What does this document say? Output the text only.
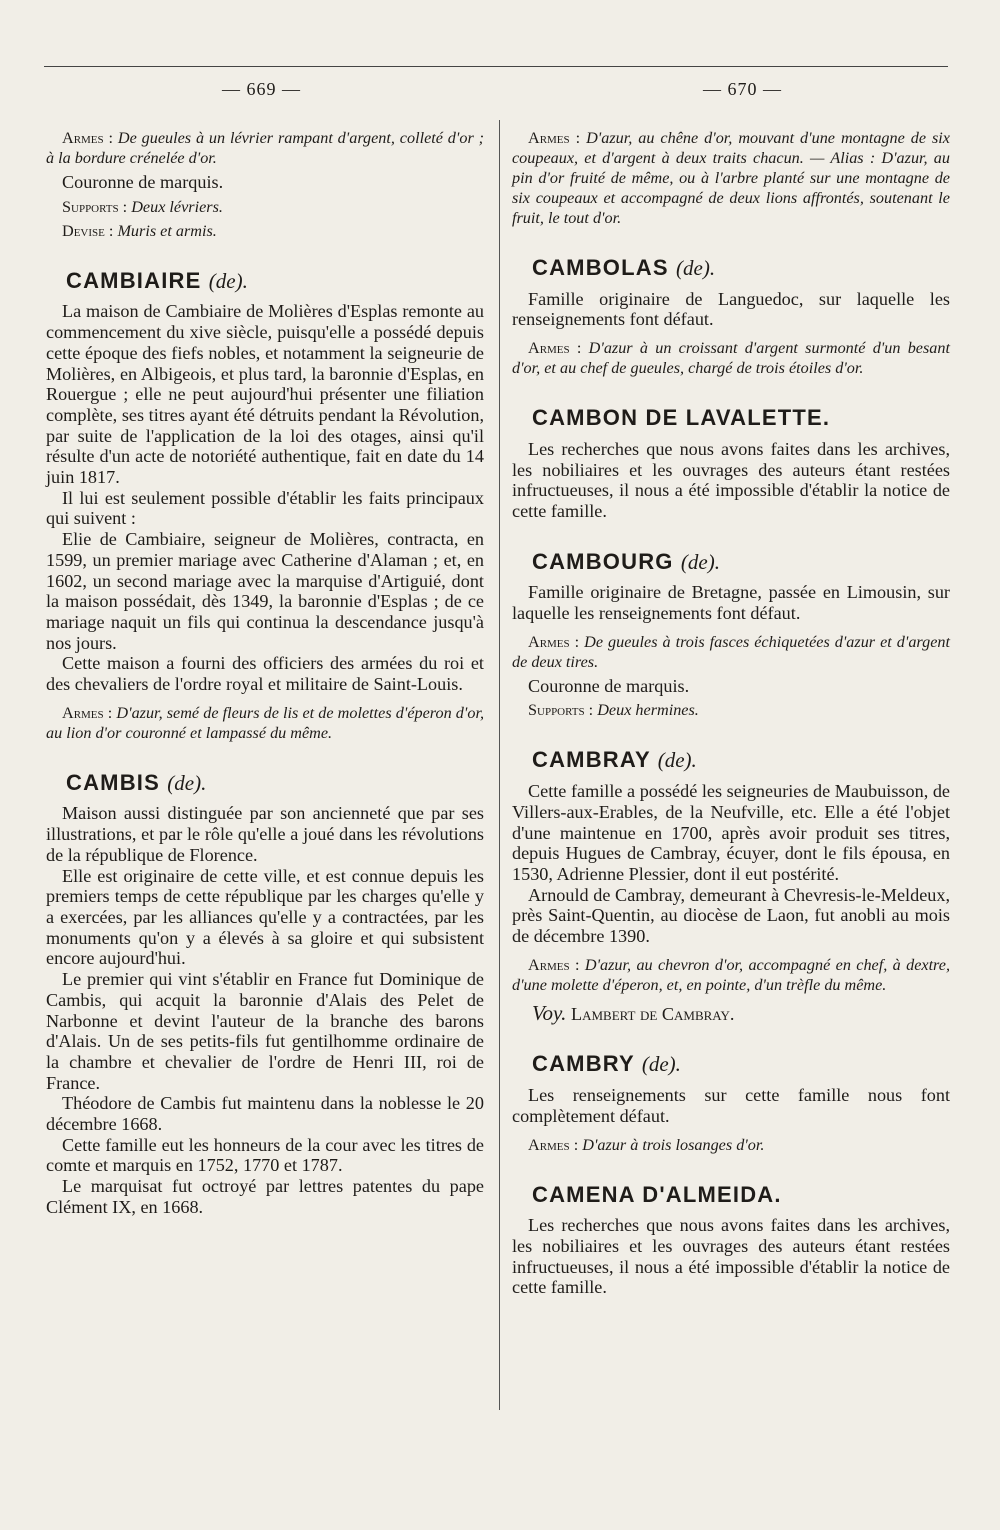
— 669 —	— 670 —

Armes : De gueules à un lévrier rampant d'argent, colleté d'or ; à la bordure crénelée d'or.

Couronne de marquis.

Supports : Deux lévriers.

Devise : Muris et armis.

CAMBIAIRE (de).

La maison de Cambiaire de Molières d'Esplas remonte au commencement du xive siècle, puisqu'elle a possédé depuis cette époque des fiefs nobles, et notamment la seigneurie de Molières, en Albigeois, et plus tard, la baronnie d'Esplas, en Rouergue ; elle ne peut aujourd'hui présenter une filiation complète, ses titres ayant été détruits pendant la Révolution, par suite de l'application de la loi des otages, ainsi qu'il résulte d'un acte de notoriété authentique, fait en date du 14 juin 1817.

Il lui est seulement possible d'établir les faits principaux qui suivent :

Elie de Cambiaire, seigneur de Molières, contracta, en 1599, un premier mariage avec Catherine d'Alaman ; et, en 1602, un second mariage avec la marquise d'Artiguié, dont la maison possédait, dès 1349, la baronnie d'Esplas ; de ce mariage naquit un fils qui continua la descendance jusqu'à nos jours.

Cette maison a fourni des officiers des armées du roi et des chevaliers de l'ordre royal et militaire de Saint-Louis.

Armes : D'azur, semé de fleurs de lis et de molettes d'éperon d'or, au lion d'or couronné et lampassé du même.

CAMBIS (de).

Maison aussi distinguée par son ancienneté que par ses illustrations, et par le rôle qu'elle a joué dans les révolutions de la république de Florence.

Elle est originaire de cette ville, et est connue depuis les premiers temps de cette république par les charges qu'elle y a exercées, par les alliances qu'elle y a contractées, par les monuments qu'on y a élevés à sa gloire et qui subsistent encore aujourd'hui.

Le premier qui vint s'établir en France fut Dominique de Cambis, qui acquit la baronnie d'Alais des Pelet de Narbonne et devint l'auteur de la branche des barons d'Alais. Un de ses petits-fils fut gentilhomme ordinaire de la chambre et chevalier de l'ordre de Henri III, roi de France.

Théodore de Cambis fut maintenu dans la noblesse le 20 décembre 1668.

Cette famille eut les honneurs de la cour avec les titres de comte et marquis en 1752, 1770 et 1787.

Le marquisat fut octroyé par lettres patentes du pape Clément IX, en 1668.

Armes : D'azur, au chêne d'or, mouvant d'une montagne de six coupeaux, et d'argent à deux traits chacun. — Alias : D'azur, au pin d'or fruité de même, ou à l'arbre planté sur une montagne de six coupeaux et accompagné de deux lions affrontés, soutenant le fruit, le tout d'or.

CAMBOLAS (de).

Famille originaire de Languedoc, sur laquelle les renseignements font défaut.

Armes : D'azur à un croissant d'argent surmonté d'un besant d'or, et au chef de gueules, chargé de trois étoiles d'or.

CAMBON DE LAVALETTE.

Les recherches que nous avons faites dans les archives, les nobiliaires et les ouvrages des auteurs étant restées infructueuses, il nous a été impossible d'établir la notice de cette famille.

CAMBOURG (de).

Famille originaire de Bretagne, passée en Limousin, sur laquelle les renseignements font défaut.

Armes : De gueules à trois fasces échiquetées d'azur et d'argent de deux tires.

Couronne de marquis.

Supports : Deux hermines.

CAMBRAY (de).

Cette famille a possédé les seigneuries de Maubuisson, de Villers-aux-Erables, de la Neufville, etc. Elle a été l'objet d'une maintenue en 1700, après avoir produit ses titres, depuis Hugues de Cambray, écuyer, dont le fils épousa, en 1530, Adrienne Plessier, dont il eut postérité.

Arnould de Cambray, demeurant à Chevresis-le-Meldeux, près Saint-Quentin, au diocèse de Laon, fut anobli au mois de décembre 1390.

Armes : D'azur, au chevron d'or, accompagné en chef, à dextre, d'une molette d'éperon, et, en pointe, d'un trèfle du même.

Voy. Lambert de Cambray.

CAMBRY (de).

Les renseignements sur cette famille nous font complètement défaut.

Armes : D'azur à trois losanges d'or.

CAMENA D'ALMEIDA.

Les recherches que nous avons faites dans les archives, les nobiliaires et les ouvrages des auteurs étant restées infructueuses, il nous a été impossible d'établir la notice de cette famille.
